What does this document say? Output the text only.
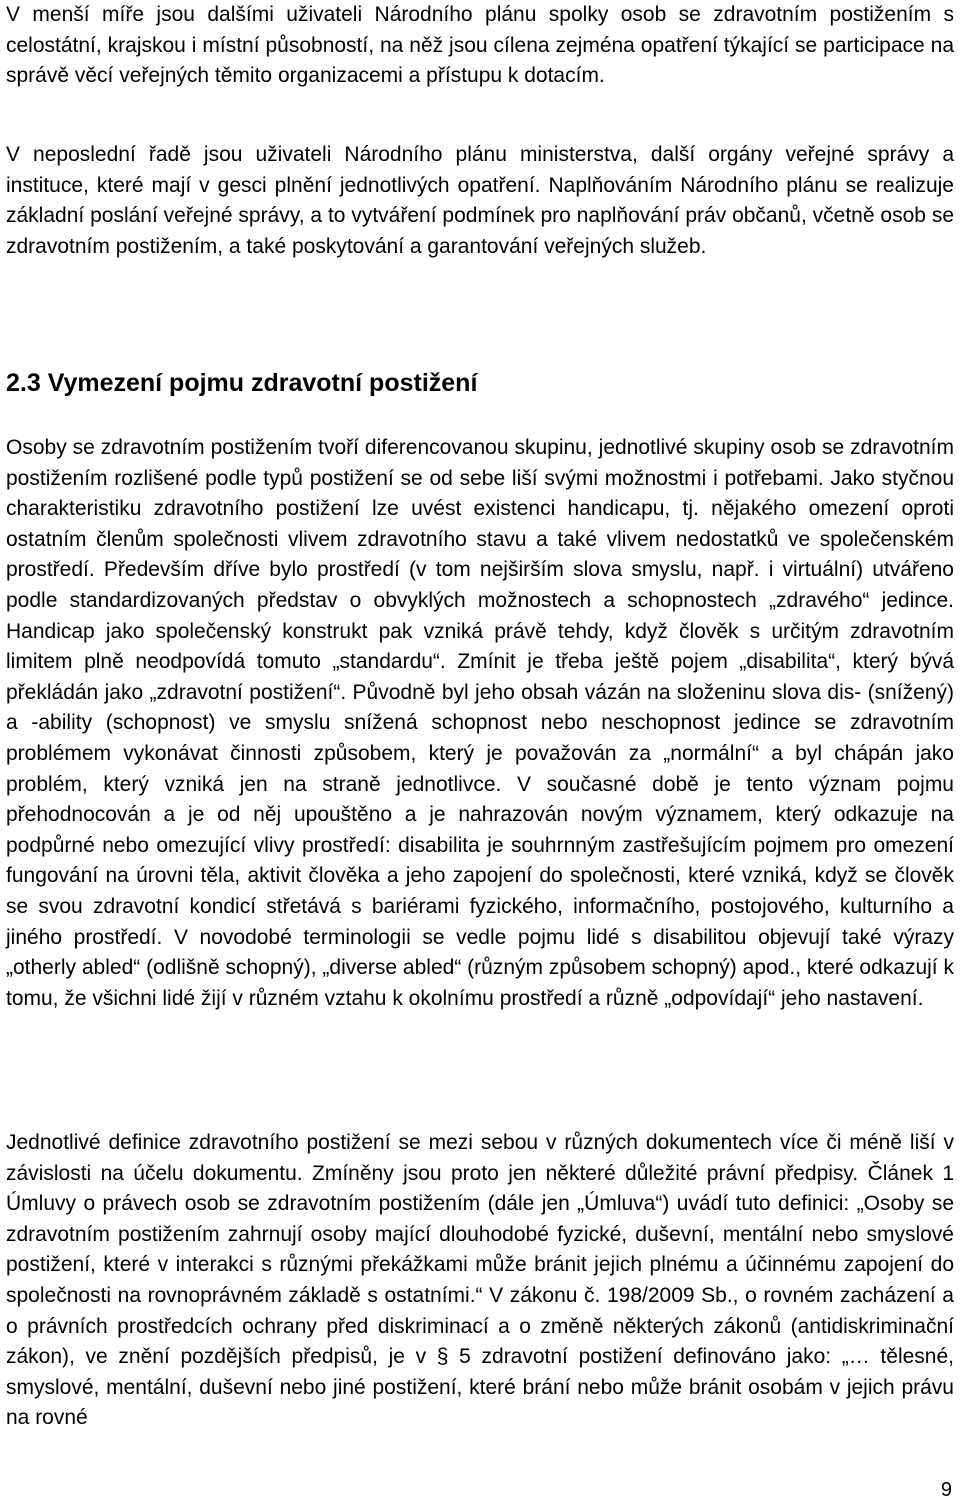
V menší míře jsou dalšími uživateli Národního plánu spolky osob se zdravotním postižením s celostátní, krajskou i místní působností, na něž jsou cílena zejména opatření týkající se participace na správě věcí veřejných těmito organizacemi a přístupu k dotacím.

V neposlední řadě jsou uživateli Národního plánu ministerstva, další orgány veřejné správy a instituce, které mají v gesci plnění jednotlivých opatření. Naplňováním Národního plánu se realizuje základní poslání veřejné správy, a to vytváření podmínek pro naplňování práv občanů, včetně osob se zdravotním postižením, a také poskytování a garantování veřejných služeb.

2.3 Vymezení pojmu zdravotní postižení

Osoby se zdravotním postižením tvoří diferencovanou skupinu, jednotlivé skupiny osob se zdravotním postižením rozlišené podle typů postižení se od sebe liší svými možnostmi i potřebami. Jako styčnou charakteristiku zdravotního postižení lze uvést existenci handicapu, tj. nějakého omezení oproti ostatním členům společnosti vlivem zdravotního stavu a také vlivem nedostatků ve společenském prostředí. Především dříve bylo prostředí (v tom nejširším slova smyslu, např. i virtuální) utvářeno podle standardizovaných představ o obvyklých možnostech a schopnostech „zdravého“ jedince. Handicap jako společenský konstrukt pak vzniká právě tehdy, když člověk s určitým zdravotním limitem plně neodpovídá tomuto „standardu“. Zmínit je třeba ještě pojem „disabilita“, který bývá překládán jako „zdravotní postižení“. Původně byl jeho obsah vázán na složeninu slova dis- (snížený) a -ability (schopnost) ve smyslu snížená schopnost nebo neschopnost jedince se zdravotním problémem vykonávat činnosti způsobem, který je považován za „normální“ a byl chápán jako problém, který vzniká jen na straně jednotlivce. V současné době je tento význam pojmu přehodnocován a je od něj upouštěno a je nahrazován novým významem, který odkazuje na podpůrné nebo omezující vlivy prostředí: disabilita je souhrnným zastřešujícím pojmem pro omezení fungování na úrovni těla, aktivit člověka a jeho zapojení do společnosti, které vzniká, když se člověk se svou zdravotní kondicí střetává s bariérami fyzického, informačního, postojového, kulturního a jiného prostředí. V novodobé terminologii se vedle pojmu lidé s disabilitou objevují také výrazy „otherly abled“ (odlišně schopný), „diverse abled“ (různým způsobem schopný) apod., které odkazují k tomu, že všichni lidé žijí v různém vztahu k okolnímu prostředí a různě „odpovídají“ jeho nastavení.

Jednotlivé definice zdravotního postižení se mezi sebou v různých dokumentech více či méně liší v závislosti na účelu dokumentu. Zmíněny jsou proto jen některé důležité právní předpisy. Článek 1 Úmluvy o právech osob se zdravotním postižením (dále jen „Úmluva“) uvádí tuto definici: „Osoby se zdravotním postižením zahrnují osoby mající dlouhodobé fyzické, duševní, mentální nebo smyslové postižení, které v interakci s různými překážkami může bránit jejich plnému a účinnému zapojení do společnosti na rovnoprávném základě s ostatními.“ V zákonu č. 198/2009 Sb., o rovném zacházení a o právních prostředcích ochrany před diskriminací a o změně některých zákonů (antidiskriminační zákon), ve znění pozdějších předpisů, je v § 5 zdravotní postižení definováno jako: „… tělesné, smyslové, mentální, duševní nebo jiné postižení, které brání nebo může bránit osobám v jejich právu na rovné

9
